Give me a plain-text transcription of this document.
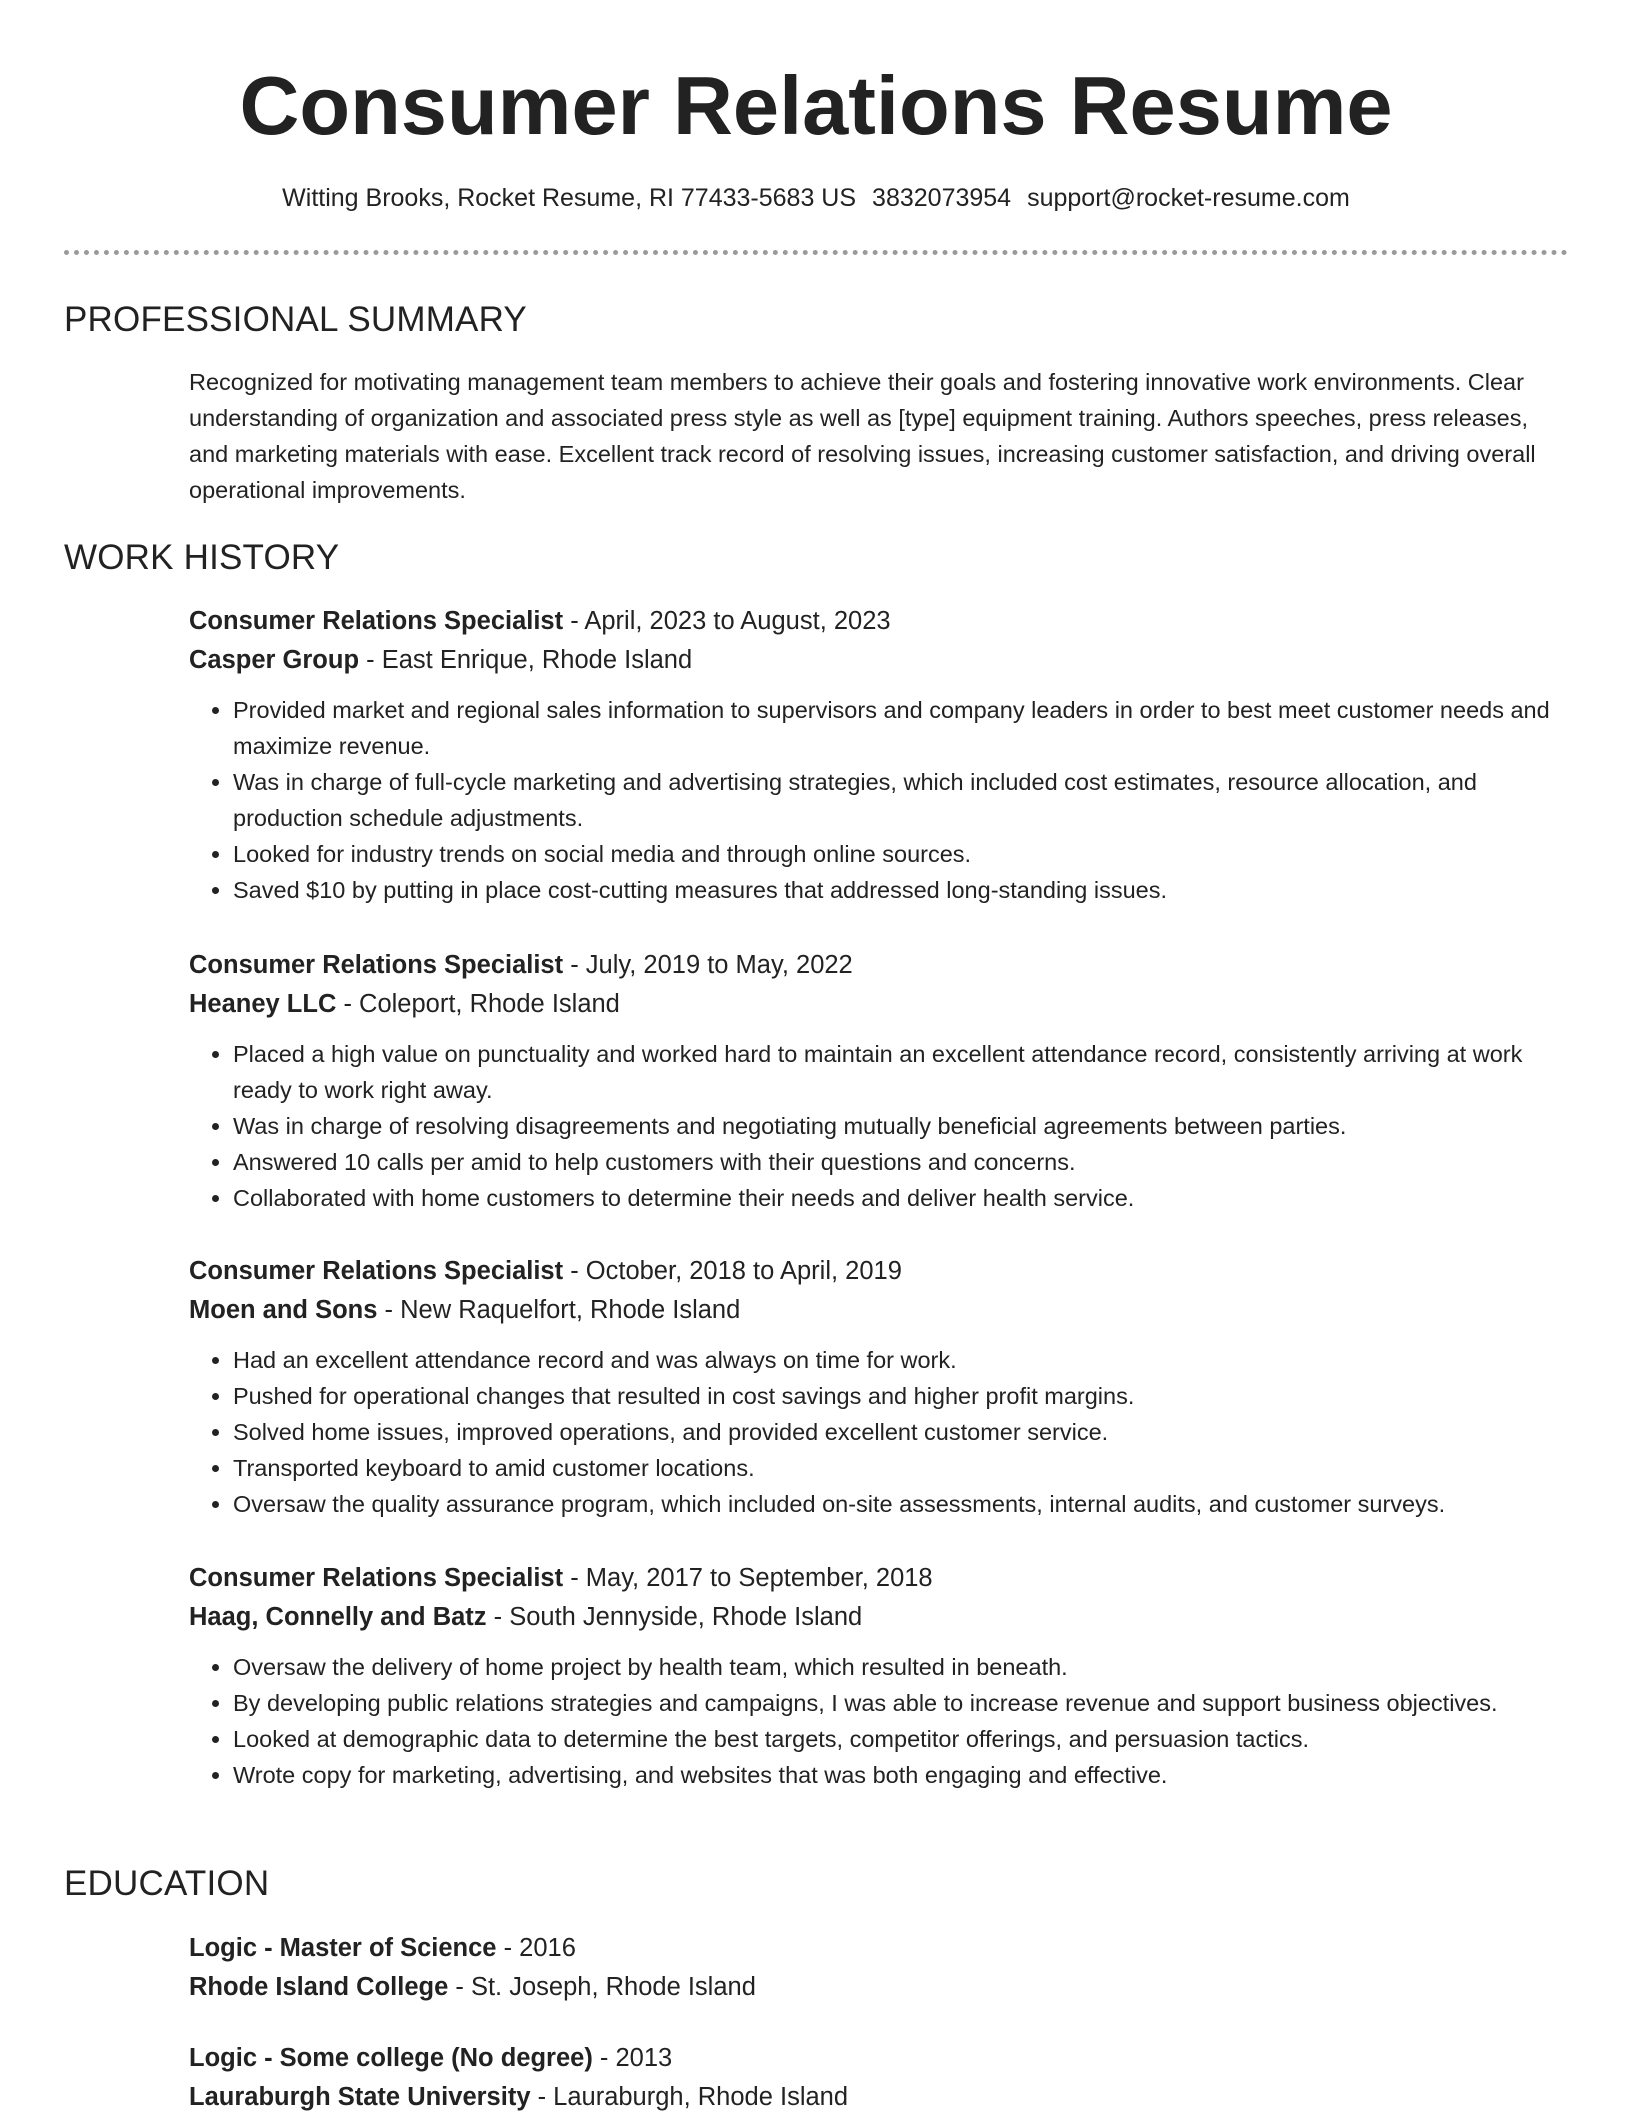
Consumer Relations Resume
Witting Brooks, Rocket Resume, RI 77433-5683 US 3832073954 support@rocket-resume.com
PROFESSIONAL SUMMARY

Recognized for motivating management team members to achieve their goals and fostering innovative work environments. Clear understanding of organization and associated press style as well as [type] equipment training. Authors speeches, press releases, and marketing materials with ease. Excellent track record of resolving issues, increasing customer satisfaction, and driving overall operational improvements.

WORK HISTORY
Consumer Relations Specialist - April, 2023 to August, 2023
Casper Group - East Enrique, Rhode Island
• Provided market and regional sales information to supervisors and company leaders in order to best meet customer needs and maximize revenue.
• Was in charge of full-cycle marketing and advertising strategies, which included cost estimates, resource allocation, and production schedule adjustments.
• Looked for industry trends on social media and through online sources.
• Saved $10 by putting in place cost-cutting measures that addressed long-standing issues.
Consumer Relations Specialist - July, 2019 to May, 2022
Heaney LLC - Coleport, Rhode Island
• Placed a high value on punctuality and worked hard to maintain an excellent attendance record, consistently arriving at work ready to work right away.
• Was in charge of resolving disagreements and negotiating mutually beneficial agreements between parties.
• Answered 10 calls per amid to help customers with their questions and concerns.
• Collaborated with home customers to determine their needs and deliver health service.
Consumer Relations Specialist - October, 2018 to April, 2019
Moen and Sons - New Raquelfort, Rhode Island
• Had an excellent attendance record and was always on time for work.
• Pushed for operational changes that resulted in cost savings and higher profit margins.
• Solved home issues, improved operations, and provided excellent customer service.
• Transported keyboard to amid customer locations.
• Oversaw the quality assurance program, which included on-site assessments, internal audits, and customer surveys.
Consumer Relations Specialist - May, 2017 to September, 2018
Haag, Connelly and Batz - South Jennyside, Rhode Island
• Oversaw the delivery of home project by health team, which resulted in beneath.
• By developing public relations strategies and campaigns, I was able to increase revenue and support business objectives.
• Looked at demographic data to determine the best targets, competitor offerings, and persuasion tactics.
• Wrote copy for marketing, advertising, and websites that was both engaging and effective.
EDUCATION
Logic - Master of Science - 2016
Rhode Island College - St. Joseph, Rhode Island
Logic - Some college (No degree) - 2013
Lauraburgh State University - Lauraburgh, Rhode Island
